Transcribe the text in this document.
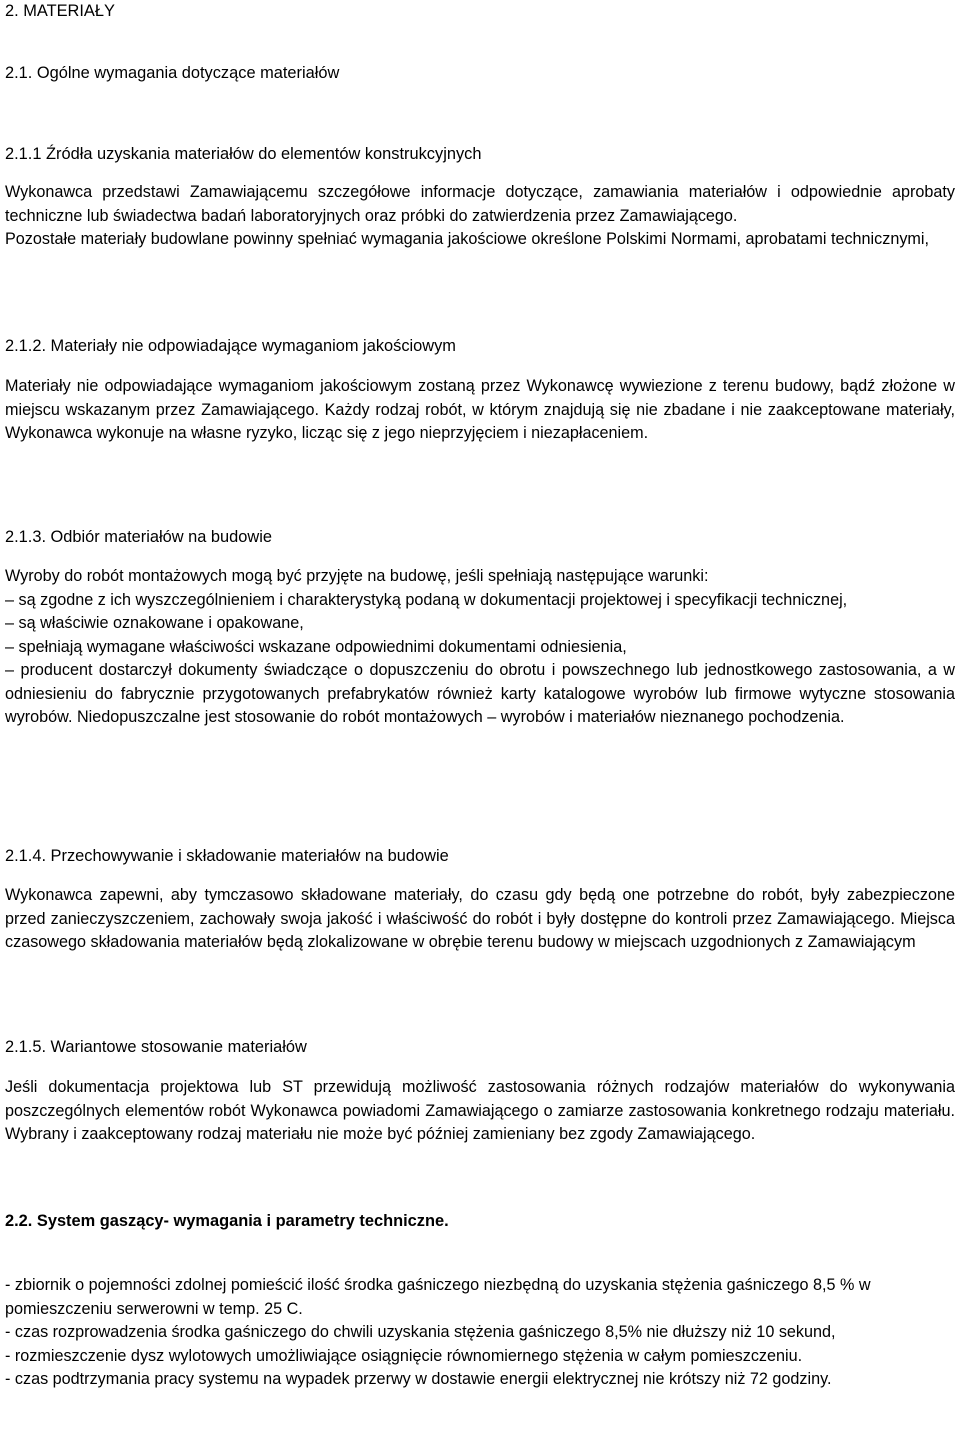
2. MATERIAŁY
2.1. Ogólne wymagania dotyczące materiałów
2.1.1 Źródła uzyskania materiałów do elementów konstrukcyjnych

Wykonawca przedstawi Zamawiającemu szczegółowe informacje dotyczące, zamawiania materiałów i odpowiednie aprobaty techniczne lub świadectwa badań laboratoryjnych oraz próbki do zatwierdzenia przez Zamawiającego.

Pozostałe materiały budowlane powinny spełniać wymagania jakościowe określone Polskimi Normami, aprobatami technicznymi,

2.1.2. Materiały nie odpowiadające wymaganiom jakościowym

Materiały nie odpowiadające wymaganiom jakościowym zostaną przez Wykonawcę wywiezione z terenu budowy, bądź złożone w miejscu wskazanym przez Zamawiającego. Każdy rodzaj robót, w którym znajdują się nie zbadane i nie zaakceptowane materiały, Wykonawca wykonuje na własne ryzyko, licząc się z jego nieprzyjęciem i niezapłaceniem.

2.1.3. Odbiór materiałów na budowie

Wyroby do robót montażowych mogą być przyjęte na budowę, jeśli spełniają następujące warunki:

– są zgodne z ich wyszczególnieniem i charakterystyką podaną w dokumentacji projektowej i specyfikacji technicznej,

– są właściwie oznakowane i opakowane,

– spełniają wymagane właściwości wskazane odpowiednimi dokumentami odniesienia,

– producent dostarczył dokumenty świadczące o dopuszczeniu do obrotu i powszechnego lub jednostkowego zastosowania, a w odniesieniu do fabrycznie przygotowanych prefabrykatów również karty katalogowe wyrobów lub firmowe wytyczne stosowania wyrobów. Niedopuszczalne jest stosowanie do robót montażowych – wyrobów i materiałów nieznanego pochodzenia.

2.1.4. Przechowywanie i składowanie materiałów na budowie

Wykonawca zapewni, aby tymczasowo składowane materiały, do czasu gdy będą one potrzebne do robót, były zabezpieczone przed zanieczyszczeniem, zachowały swoja jakość i właściwość do robót i były dostępne do kontroli przez Zamawiającego. Miejsca czasowego składowania materiałów będą zlokalizowane w obrębie terenu budowy w miejscach uzgodnionych z Zamawiającym

2.1.5. Wariantowe stosowanie materiałów

Jeśli dokumentacja projektowa lub ST przewidują możliwość zastosowania różnych rodzajów materiałów do wykonywania poszczególnych elementów robót Wykonawca powiadomi Zamawiającego o zamiarze zastosowania konkretnego rodzaju materiału. Wybrany i zaakceptowany rodzaj materiału nie może być później zamieniany bez zgody Zamawiającego.

2.2. System gaszący- wymagania i parametry techniczne.

- zbiornik o pojemności zdolnej pomieścić ilość środka gaśniczego niezbędną do uzyskania stężenia gaśniczego 8,5 % w pomieszczeniu serwerowni w temp. 25 C.

- czas rozprowadzenia środka gaśniczego do chwili uzyskania stężenia gaśniczego 8,5% nie dłuższy niż 10 sekund,

- rozmieszczenie dysz wylotowych umożliwiające osiągnięcie równomiernego stężenia w całym pomieszczeniu.

- czas podtrzymania pracy systemu na wypadek przerwy w dostawie energii elektrycznej nie krótszy niż 72 godziny.
